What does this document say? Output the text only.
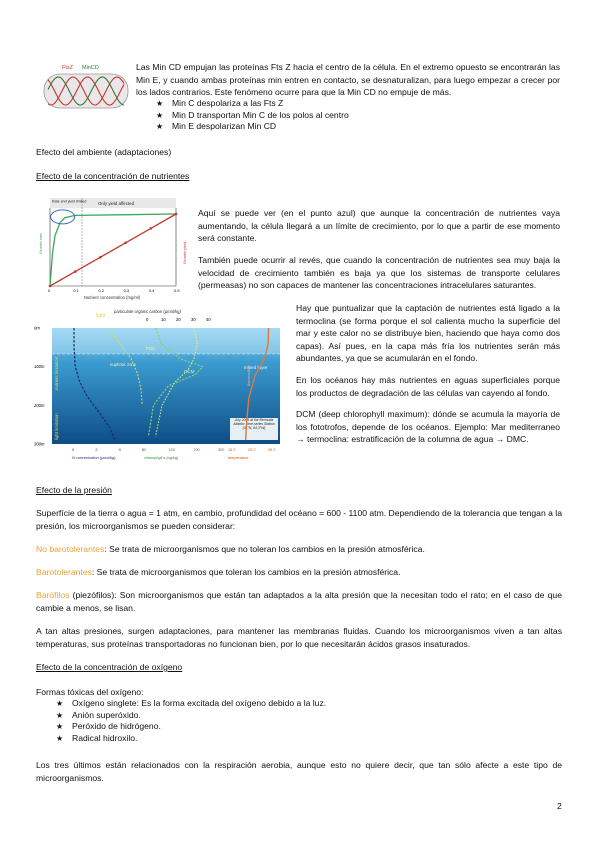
FtsZ MinCD	Las Min CD empujan las proteínas Fts Z hacia el centro de la célula. En el extremo opuesto se encontrarán las Min E, y cuando ambas proteínas min entren en contacto, se desnaturalizan, para luego empezar a crecer por los lados contrarios. Este fenómeno ocurre para que la Min CD no empuje de más.

★ Min C despolariza a las Fts Z
★ Min D transportan Min C de los polos al centro
★ Min E despolarizan Min CD

Efecto del ambiente (adaptaciones)

Efecto de la concentración de nutrientes

Rate and yield limited	Only yield affected
0	0.1	0.2	0.3	0.4	0.5
Growth rate	Growth yield
Nutrient concentration (mg/ml)

Aquí se puede ver (en el punto azul) que aunque la concentración de nutrientes vaya aumentando, la célula llegará a un límite de crecimiento, por lo que a partir de ese momento será constante.

También puede ocurrir al revés, que cuando la concentración de nutrientes sea muy baja la velocidad de crecimiento también es baja ya que los sistemas de transporte celulares (permeasas) no son capaces de mantener las concentraciones intracelulares saturantes.

0m
100m
200m
300m
0	10 20 30 40
particulate organic carbon (µmol/kg)
light
mixed layer
nutrient limitation
light limitation
euphotic zone
DCM
POC
thermocline
July 2005 at the Bermuda Atlantic Time-series Station (31°N, 64.3°W)
0	2	4	6
N concentration (µmol/kg)
0	100	200	300
chlorophyll a (ng/kg)
15 C	20 C	26 C
temperature

Hay que puntualizar que la captación de nutrientes está ligado a la termoclina (se forma porque el sol calienta mucho la superficie del mar y este calor no se distribuye bien, haciendo que haya como dos capas). Así pues, en la capa más fría los nutrientes serán más abundantes, ya que se acumularán en el fondo.

En los océanos hay más nutrientes en aguas superficiales porque los productos de degradación de las células van cayendo al fondo.

DCM (deep chlorophyll maximum): dónde se acumula la mayoría de los fototrofos, depende de los océanos. Ejemplo: Mar mediterraneo → termoclina: estratificación de la columna de agua → DMC.

Efecto de la presión

Superfície de la tierra o agua = 1 atm, en cambio, profundidad del océano = 600 - 1100 atm. Dependiendo de la tolerancia que tengan a la presión, los microorganismos se pueden considerar:

No barotolerantes: Se trata de microorganismos que no toleran los cambios en la presión atmosférica.

Barotolerantes: Se trata de microorganismos que toleran los cambios en la presión atmosférica.

Barófilos (piezófilos): Son microorganismos que están tan adaptados a la alta presión que la necesitan todo el rato; en el caso de que cambie a menos, se lisan.

A tan altas presiones, surgen adaptaciones, para mantener las membranas fluidas. Cuando los microorganismos viven a tan altas temperaturas, sus proteínas transportadoras no funcionan bien, por lo que necesitarán ácidos grasos insaturados.

Efecto de la concentración de oxígeno

Formas tóxicas del oxígeno:

★ Oxígeno singlete: Es la forma excitada del oxígeno debido a la luz.
★ Anión superóxido.
★ Peróxido de hidrógeno.
★ Radical hidroxilo.

Los tres últimos están relacionados con la respiración aerobia, aunque esto no quiere decir, que tan sólo afecte a este tipo de microorganismos.

2
